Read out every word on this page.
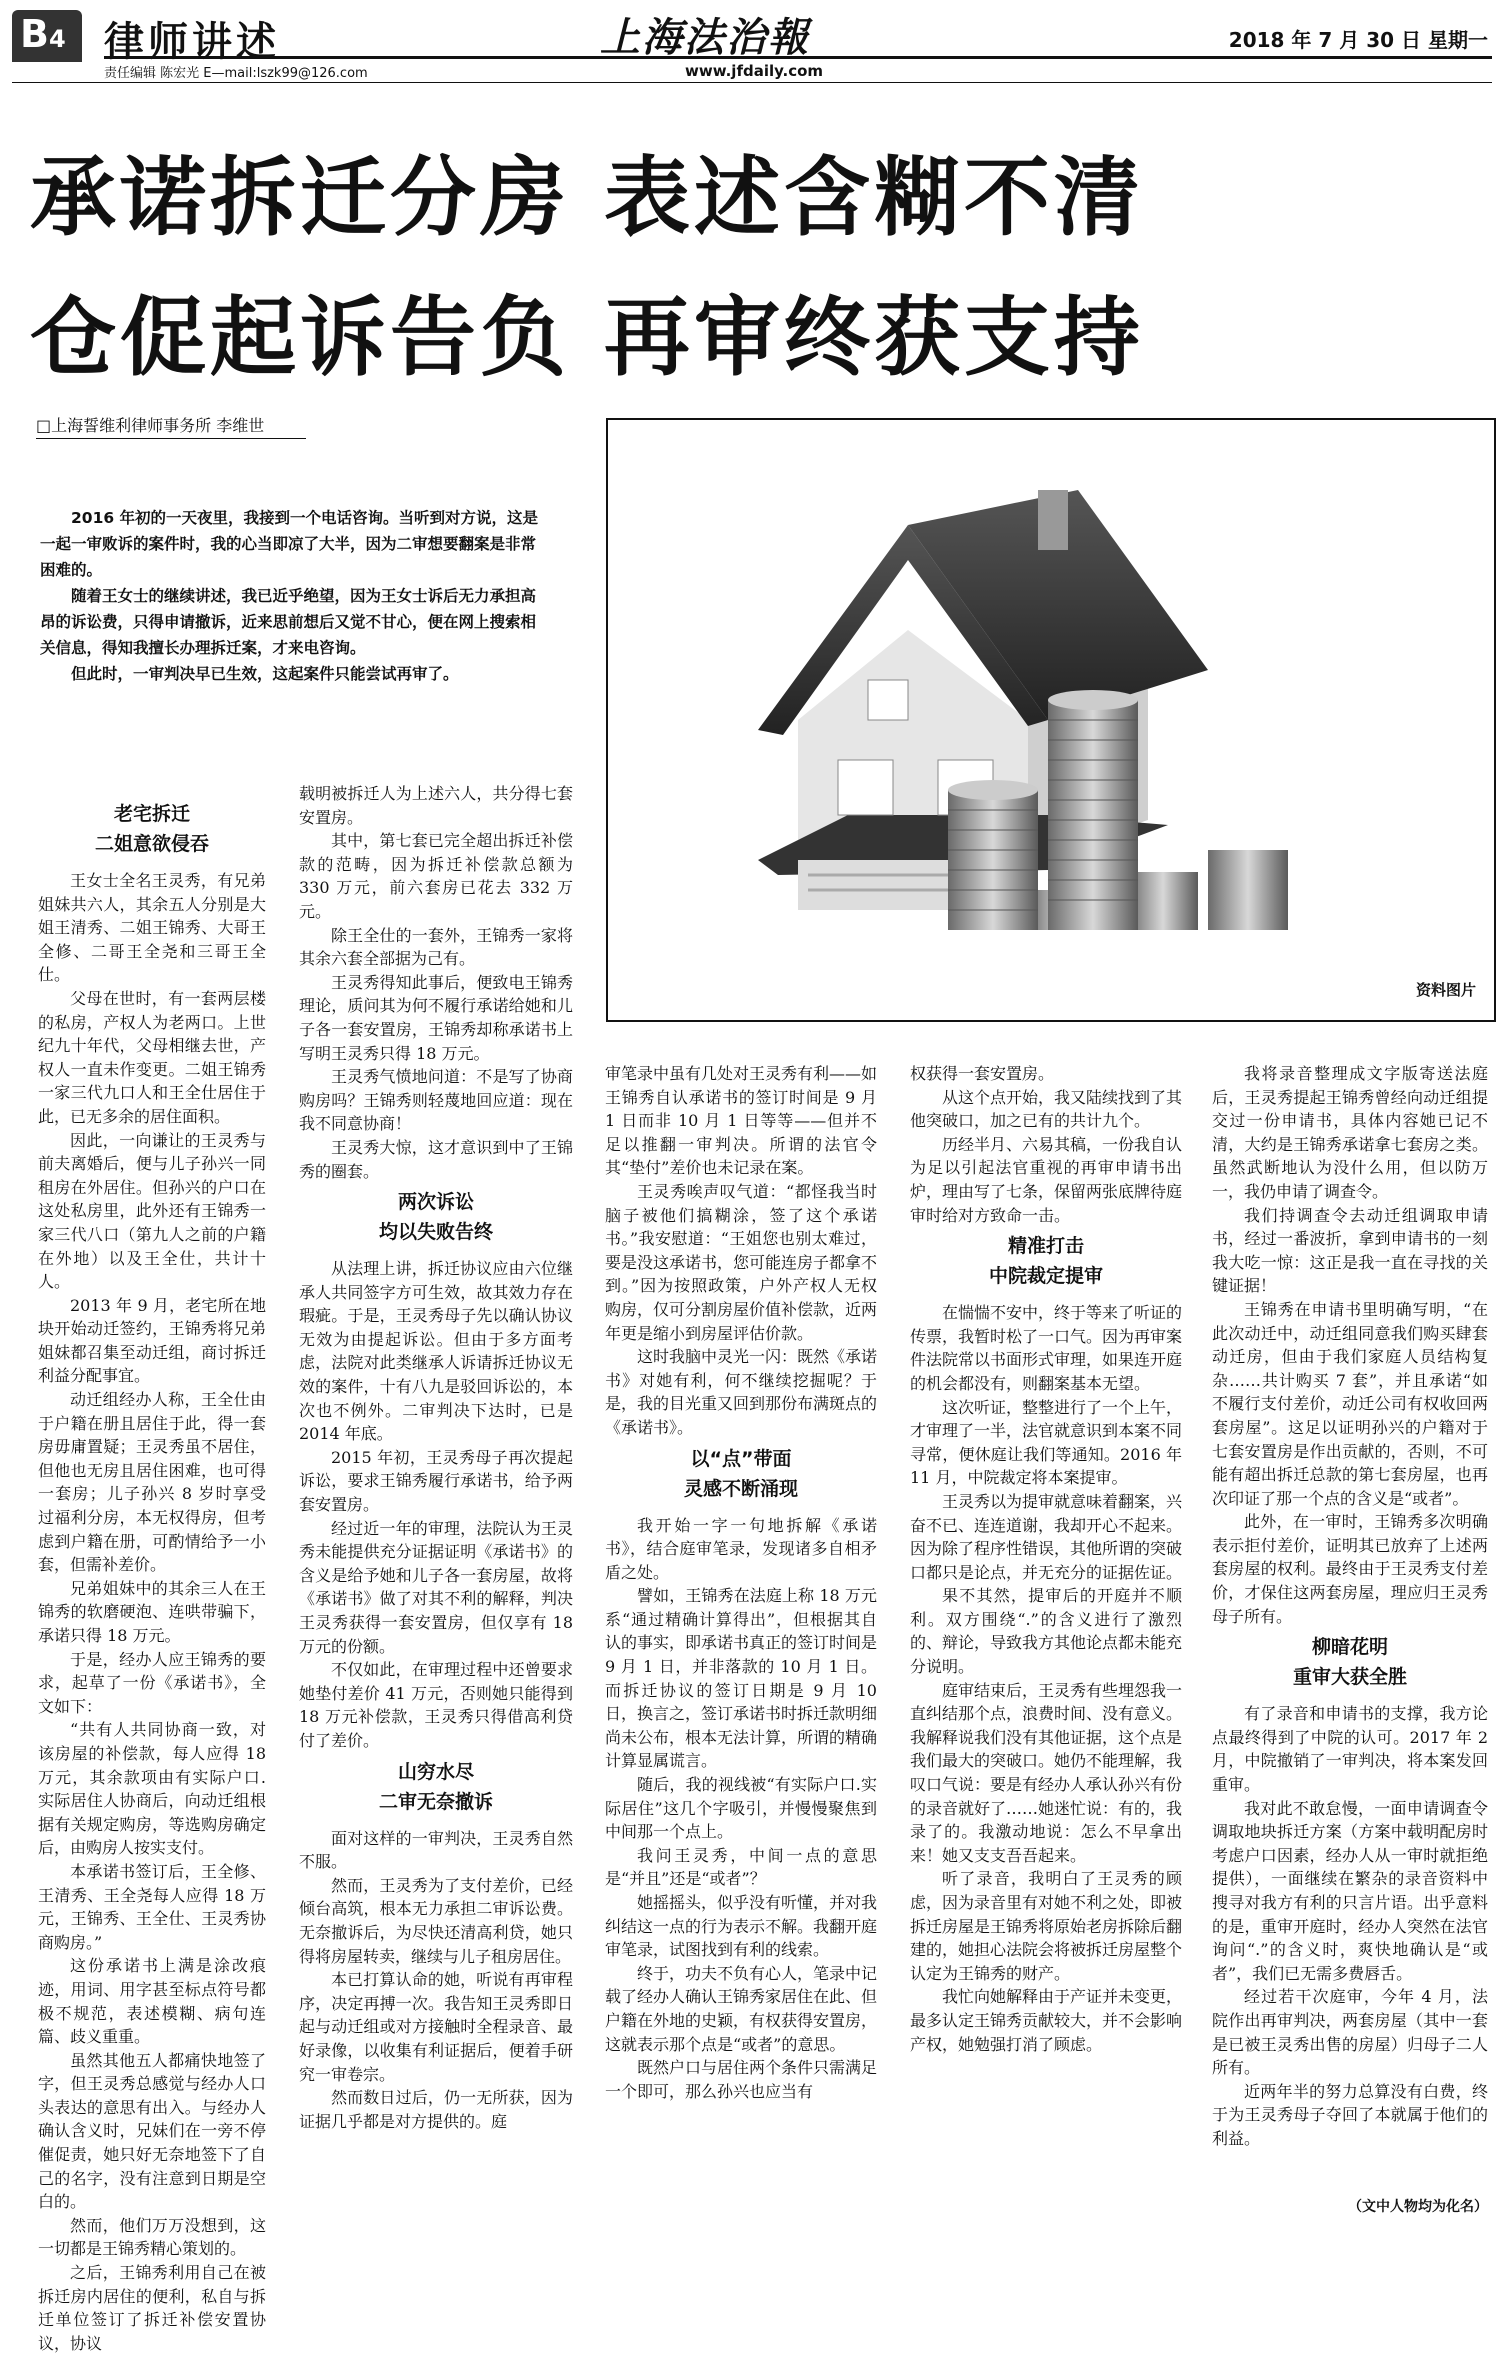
B4 律师讲述
责任编辑 陈宏光 E—mail:lszk99@126.com
上海法治報
www.jfdaily.com
2018 年 7 月 30 日 星期一
承诺拆迁分房 表述含糊不清
仓促起诉告负 再审终获支持
□上海誓维利律师事务所 李维世

2016 年初的一天夜里，我接到一个电话咨询。当听到对方说，这是一起一审败诉的案件时，我的心当即凉了大半，因为二审想要翻案是非常困难的。

随着王女士的继续讲述，我已近乎绝望，因为王女士诉后无力承担高昂的诉讼费，只得申请撤诉，近来思前想后又觉不甘心，便在网上搜索相关信息，得知我擅长办理拆迁案，才来电咨询。

但此时，一审判决早已生效，这起案件只能尝试再审了。

资料图片
老宅拆迁
二姐意欲侵吞

王女士全名王灵秀，有兄弟姐妹共六人，其余五人分别是大姐王清秀、二姐王锦秀、大哥王全修、二哥王全尧和三哥王全仕。

父母在世时，有一套两层楼的私房，产权人为老两口。上世纪九十年代，父母相继去世，产权人一直未作变更。二姐王锦秀一家三代九口人和王全仕居住于此，已无多余的居住面积。

因此，一向谦让的王灵秀与前夫离婚后，便与儿子孙兴一同租房在外居住。但孙兴的户口在这处私房里，此外还有王锦秀一家三代八口（第九人之前的户籍在外地）以及王全仕，共计十人。

2013 年 9 月，老宅所在地块开始动迁签约，王锦秀将兄弟姐妹都召集至动迁组，商讨拆迁利益分配事宜。

动迁组经办人称，王全仕由于户籍在册且居住于此，得一套房毋庸置疑；王灵秀虽不居住，但他也无房且居住困难，也可得一套房；儿子孙兴 8 岁时享受过福利分房，本无权得房，但考虑到户籍在册，可酌情给予一小套，但需补差价。

兄弟姐妹中的其余三人在王锦秀的软磨硬泡、连哄带骗下，承诺只得 18 万元。

于是，经办人应王锦秀的要求，起草了一份《承诺书》，全文如下：

“共有人共同协商一致，对该房屋的补偿款，每人应得 18 万元，其余款项由有实际户口.实际居住人协商后，向动迁组根据有关规定购房，等选购房确定后，由购房人按实支付。

本承诺书签订后，王全修、王清秀、王全尧每人应得 18 万元，王锦秀、王全仕、王灵秀协商购房。”

这份承诺书上满是涂改痕迹，用词、用字甚至标点符号都极不规范，表述模糊、病句连篇、歧义重重。

虽然其他五人都痛快地签了字，但王灵秀总感觉与经办人口头表达的意思有出入。与经办人确认含义时，兄妹们在一旁不停催促责，她只好无奈地签下了自己的名字，没有注意到日期是空白的。

然而，他们万万没想到，这一切都是王锦秀精心策划的。

之后，王锦秀利用自己在被拆迁房内居住的便利，私自与拆迁单位签订了拆迁补偿安置协议，协议

载明被拆迁人为上述六人，共分得七套安置房。

其中，第七套已完全超出拆迁补偿款的范畴，因为拆迁补偿款总额为 330 万元，前六套房已花去 332 万元。

除王全仕的一套外，王锦秀一家将其余六套全部据为己有。

王灵秀得知此事后，便致电王锦秀理论，质问其为何不履行承诺给她和儿子各一套安置房，王锦秀却称承诺书上写明王灵秀只得 18 万元。

王灵秀气愤地问道：不是写了协商购房吗？王锦秀则轻蔑地回应道：现在我不同意协商！

王灵秀大惊，这才意识到中了王锦秀的圈套。

两次诉讼
均以失败告终

从法理上讲，拆迁协议应由六位继承人共同签字方可生效，故其效力存在瑕疵。于是，王灵秀母子先以确认协议无效为由提起诉讼。但由于多方面考虑，法院对此类继承人诉请拆迁协议无效的案件，十有八九是驳回诉讼的，本次也不例外。二审判决下达时，已是 2014 年底。

2015 年初，王灵秀母子再次提起诉讼，要求王锦秀履行承诺书，给予两套安置房。

经过近一年的审理，法院认为王灵秀未能提供充分证据证明《承诺书》的含义是给予她和儿子各一套房屋，故将《承诺书》做了对其不利的解释，判决王灵秀获得一套安置房，但仅享有 18 万元的份额。

不仅如此，在审理过程中还曾要求她垫付差价 41 万元，否则她只能得到 18 万元补偿款，王灵秀只得借高利贷付了差价。

山穷水尽
二审无奈撤诉

面对这样的一审判决，王灵秀自然不服。

然而，王灵秀为了支付差价，已经倾台高筑，根本无力承担二审诉讼费。无奈撤诉后，为尽快还清高利贷，她只得将房屋转卖，继续与儿子租房居住。

本已打算认命的她，听说有再审程序，决定再搏一次。我告知王灵秀即日起与动迁组或对方接触时全程录音、最好录像，以收集有利证据后，便着手研究一审卷宗。

然而数日过后，仍一无所获，因为证据几乎都是对方提供的。庭

审笔录中虽有几处对王灵秀有利——如王锦秀自认承诺书的签订时间是 9 月 1 日而非 10 月 1 日等等——但并不足以推翻一审判决。所谓的法官令其“垫付”差价也未记录在案。

王灵秀唉声叹气道：“都怪我当时脑子被他们搞糊涂，签了这个承诺书。”我安慰道：“王姐您也别太难过，要是没这承诺书，您可能连房子都拿不到。”因为按照政策，户外产权人无权购房，仅可分割房屋价值补偿款，近两年更是缩小到房屋评估价款。

这时我脑中灵光一闪：既然《承诺书》对她有利，何不继续挖掘呢？于是，我的目光重又回到那份布满斑点的《承诺书》。

以“点”带面
灵感不断涌现

我开始一字一句地拆解《承诺书》，结合庭审笔录，发现诸多自相矛盾之处。

譬如，王锦秀在法庭上称 18 万元系“通过精确计算得出”，但根据其自认的事实，即承诺书真正的签订时间是 9 月 1 日，并非落款的 10 月 1 日。而拆迁协议的签订日期是 9 月 10 日，换言之，签订承诺书时拆迁款明细尚未公布，根本无法计算，所谓的精确计算显属谎言。

随后，我的视线被“有实际户口.实际居住”这几个字吸引，并慢慢聚焦到中间那一个点上。

我问王灵秀，中间一点的意思是“并且”还是“或者”？

她摇摇头，似乎没有听懂，并对我纠结这一点的行为表示不解。我翻开庭审笔录，试图找到有利的线索。

终于，功夫不负有心人，笔录中记载了经办人确认王锦秀家居住在此、但户籍在外地的史颖，有权获得安置房，这就表示那个点是“或者”的意思。

既然户口与居住两个条件只需满足一个即可，那么孙兴也应当有

权获得一套安置房。

从这个点开始，我又陆续找到了其他突破口，加之已有的共计九个。

历经半月、六易其稿，一份我自认为足以引起法官重视的再审申请书出炉，理由写了七条，保留两张底牌待庭审时给对方致命一击。

精准打击
中院裁定提审

在惴惴不安中，终于等来了听证的传票，我暂时松了一口气。因为再审案件法院常以书面形式审理，如果连开庭的机会都没有，则翻案基本无望。

这次听证，整整进行了一个上午，才审理了一半，法官就意识到本案不同寻常，便休庭让我们等通知。2016 年 11 月，中院裁定将本案提审。

王灵秀以为提审就意味着翻案，兴奋不已、连连道谢，我却开心不起来。因为除了程序性错误，其他所谓的突破口都只是论点，并无充分的证据佐证。

果不其然，提审后的开庭并不顺利。双方围绕“.”的含义进行了激烈的、辩论，导致我方其他论点都未能充分说明。

庭审结束后，王灵秀有些埋怨我一直纠结那个点，浪费时间、没有意义。我解释说我们没有其他证据，这个点是我们最大的突破口。她仍不能理解，我叹口气说：要是有经办人承认孙兴有份的录音就好了……她迷忙说：有的，我录了的。我激动地说：怎么不早拿出来！她又支支吾吾起来。

听了录音，我明白了王灵秀的顾虑，因为录音里有对她不利之处，即被拆迁房屋是王锦秀将原始老房拆除后翻建的，她担心法院会将被拆迁房屋整个认定为王锦秀的财产。

我忙向她解释由于产证并未变更，最多认定王锦秀贡献较大，并不会影响产权，她勉强打消了顾虑。

我将录音整理成文字版寄送法庭后，王灵秀提起王锦秀曾经向动迁组提交过一份申请书，具体内容她已记不清，大约是王锦秀承诺拿七套房之类。虽然武断地认为没什么用，但以防万一，我仍申请了调查令。

我们持调查令去动迁组调取申请书，经过一番波折，拿到申请书的一刻我大吃一惊：这正是我一直在寻找的关键证据！

王锦秀在申请书里明确写明，“在此次动迁中，动迁组同意我们购买肆套动迁房，但由于我们家庭人员结构复杂……共计购买 7 套”，并且承诺“如不履行支付差价，动迁公司有权收回两套房屋”。这足以证明孙兴的户籍对于七套安置房是作出贡献的，否则，不可能有超出拆迁总款的第七套房屋，也再次印证了那一个点的含义是“或者”。

此外，在一审时，王锦秀多次明确表示拒付差价，证明其已放弃了上述两套房屋的权利。最终由于王灵秀支付差价，才保住这两套房屋，理应归王灵秀母子所有。

柳暗花明
重审大获全胜

有了录音和申请书的支撑，我方论点最终得到了中院的认可。2017 年 2 月，中院撤销了一审判决，将本案发回重审。

我对此不敢怠慢，一面申请调查令调取地块拆迁方案（方案中载明配房时考虑户口因素，经办人从一审时就拒绝提供），一面继续在繁杂的录音资料中搜寻对我方有利的只言片语。出乎意料的是，重审开庭时，经办人突然在法官询问“.”的含义时，爽快地确认是“或者”，我们已无需多费唇舌。

经过若干次庭审，今年 4 月，法院作出再审判决，两套房屋（其中一套是已被王灵秀出售的房屋）归母子二人所有。

近两年半的努力总算没有白费，终于为王灵秀母子夺回了本就属于他们的利益。

（文中人物均为化名）
